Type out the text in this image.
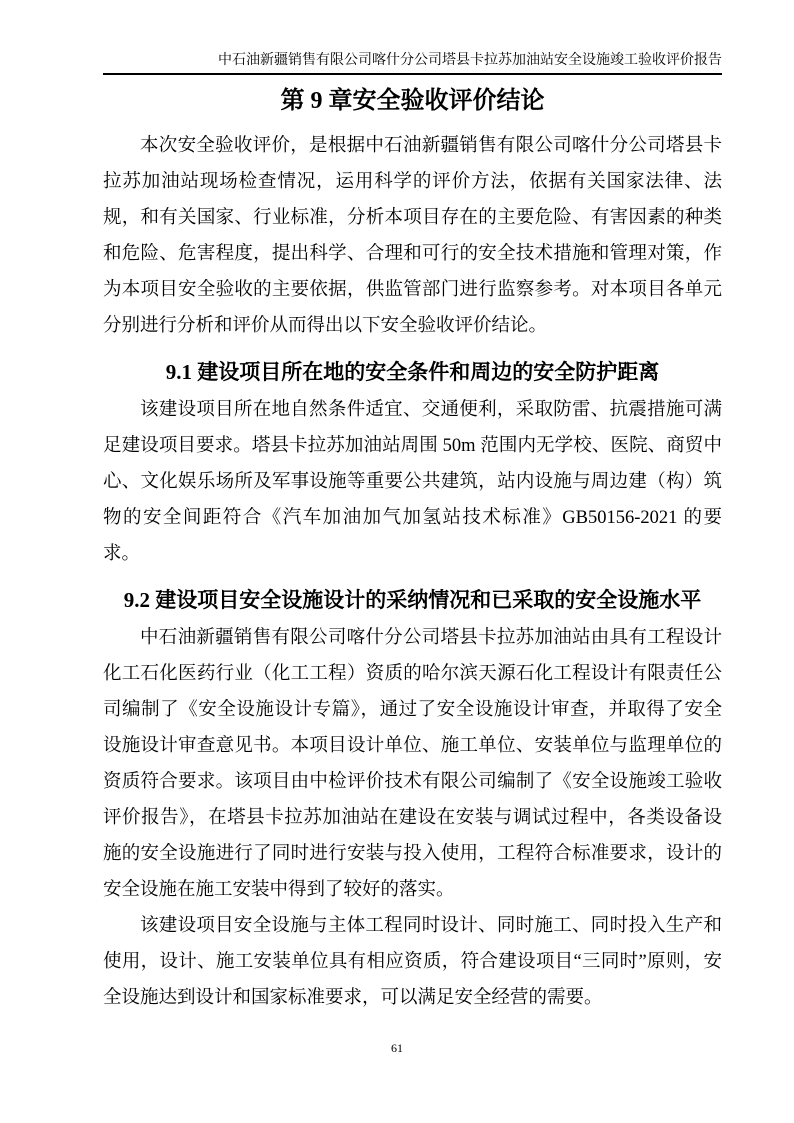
中石油新疆销售有限公司喀什分公司塔县卡拉苏加油站安全设施竣工验收评价报告
第 9 章安全验收评价结论

本次安全验收评价，是根据中石油新疆销售有限公司喀什分公司塔县卡拉苏加油站现场检查情况，运用科学的评价方法，依据有关国家法律、法规，和有关国家、行业标准，分析本项目存在的主要危险、有害因素的种类和危险、危害程度，提出科学、合理和可行的安全技术措施和管理对策，作为本项目安全验收的主要依据，供监管部门进行监察参考。对本项目各单元分别进行分析和评价从而得出以下安全验收评价结论。

9.1 建设项目所在地的安全条件和周边的安全防护距离

该建设项目所在地自然条件适宜、交通便利，采取防雷、抗震措施可满足建设项目要求。塔县卡拉苏加油站周围 50m 范围内无学校、医院、商贸中心、文化娱乐场所及军事设施等重要公共建筑，站内设施与周边建（构）筑物的安全间距符合《汽车加油加气加氢站技术标准》GB50156-2021 的要求。

9.2 建设项目安全设施设计的采纳情况和已采取的安全设施水平

中石油新疆销售有限公司喀什分公司塔县卡拉苏加油站由具有工程设计化工石化医药行业（化工工程）资质的哈尔滨天源石化工程设计有限责任公司编制了《安全设施设计专篇》，通过了安全设施设计审查，并取得了安全设施设计审查意见书。本项目设计单位、施工单位、安装单位与监理单位的资质符合要求。该项目由中检评价技术有限公司编制了《安全设施竣工验收评价报告》，在塔县卡拉苏加油站在建设在安装与调试过程中，各类设备设施的安全设施进行了同时进行安装与投入使用，工程符合标准要求，设计的安全设施在施工安装中得到了较好的落实。

该建设项目安全设施与主体工程同时设计、同时施工、同时投入生产和使用，设计、施工安装单位具有相应资质，符合建设项目“三同时”原则，安全设施达到设计和国家标准要求，可以满足安全经营的需要。

61
